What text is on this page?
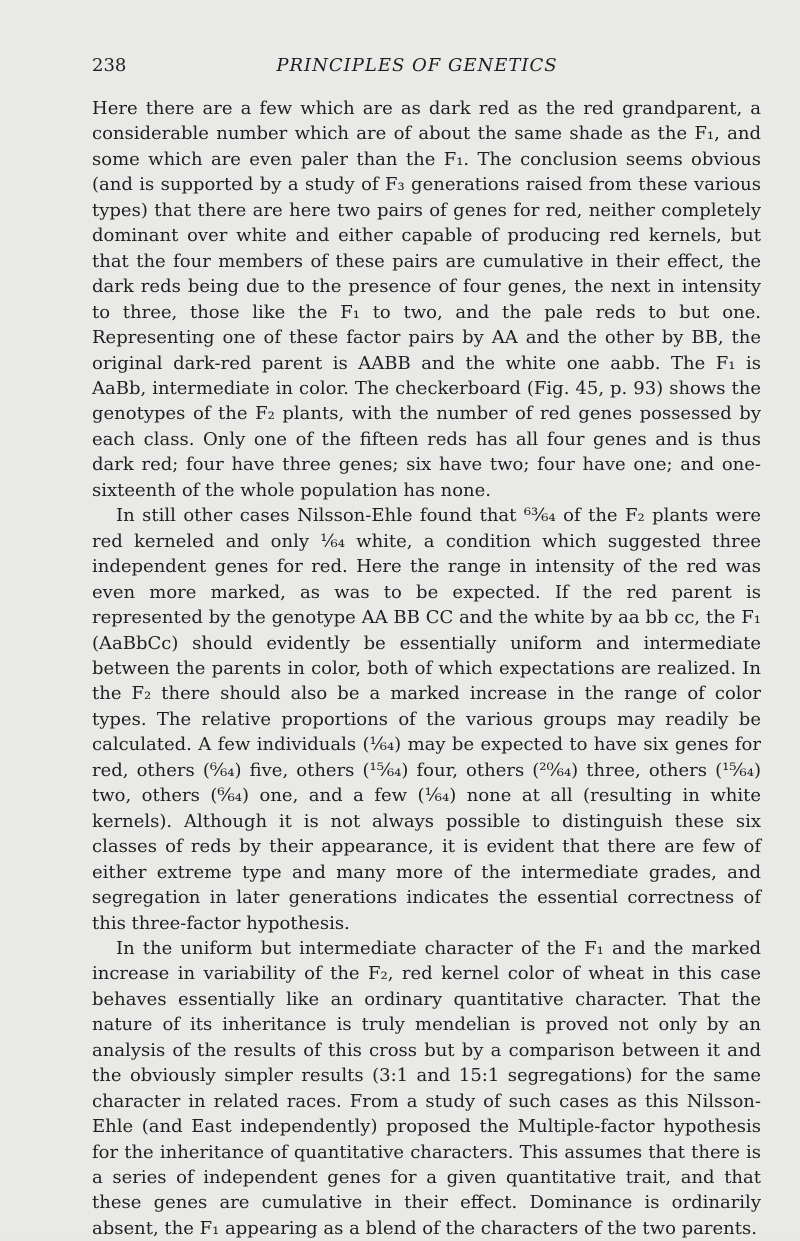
238	PRINCIPLES OF GENETICS

Here there are a few which are as dark red as the red grandparent, a considerable number which are of about the same shade as the F₁, and some which are even paler than the F₁. The conclusion seems obvious (and is supported by a study of F₃ generations raised from these various types) that there are here two pairs of genes for red, neither completely dominant over white and either capable of producing red kernels, but that the four members of these pairs are cumulative in their effect, the dark reds being due to the presence of four genes, the next in intensity to three, those like the F₁ to two, and the pale reds to but one. Representing one of these factor pairs by AA and the other by BB, the original dark-red parent is AABB and the white one aabb. The F₁ is AaBb, intermediate in color. The checkerboard (Fig. 45, p. 93) shows the genotypes of the F₂ plants, with the number of red genes possessed by each class. Only one of the fifteen reds has all four genes and is thus dark red; four have three genes; six have two; four have one; and one-sixteenth of the whole population has none.

In still other cases Nilsson-Ehle found that ⁶³⁄₆₄ of the F₂ plants were red kerneled and only ¹⁄₆₄ white, a condition which suggested three independent genes for red. Here the range in intensity of the red was even more marked, as was to be expected. If the red parent is represented by the genotype AA BB CC and the white by aa bb cc, the F₁ (AaBbCc) should evidently be essentially uniform and intermediate between the parents in color, both of which expectations are realized. In the F₂ there should also be a marked increase in the range of color types. The relative proportions of the various groups may readily be calculated. A few individuals (¹⁄₆₄) may be expected to have six genes for red, others (⁶⁄₆₄) five, others (¹⁵⁄₆₄) four, others (²⁰⁄₆₄) three, others (¹⁵⁄₆₄) two, others (⁶⁄₆₄) one, and a few (¹⁄₆₄) none at all (resulting in white kernels). Although it is not always possible to distinguish these six classes of reds by their appearance, it is evident that there are few of either extreme type and many more of the intermediate grades, and segregation in later generations indicates the essential correctness of this three-factor hypothesis.

In the uniform but intermediate character of the F₁ and the marked increase in variability of the F₂, red kernel color of wheat in this case behaves essentially like an ordinary quantitative character. That the nature of its inheritance is truly mendelian is proved not only by an analysis of the results of this cross but by a comparison between it and the obviously simpler results (3:1 and 15:1 segregations) for the same character in related races. From a study of such cases as this Nilsson-Ehle (and East independently) proposed the Multiple-factor hypothesis for the inheritance of quantitative characters. This assumes that there is a series of independent genes for a given quantitative trait, and that these genes are cumulative in their effect. Dominance is ordinarily absent, the F₁ appearing as a blend of the characters of the two parents.
